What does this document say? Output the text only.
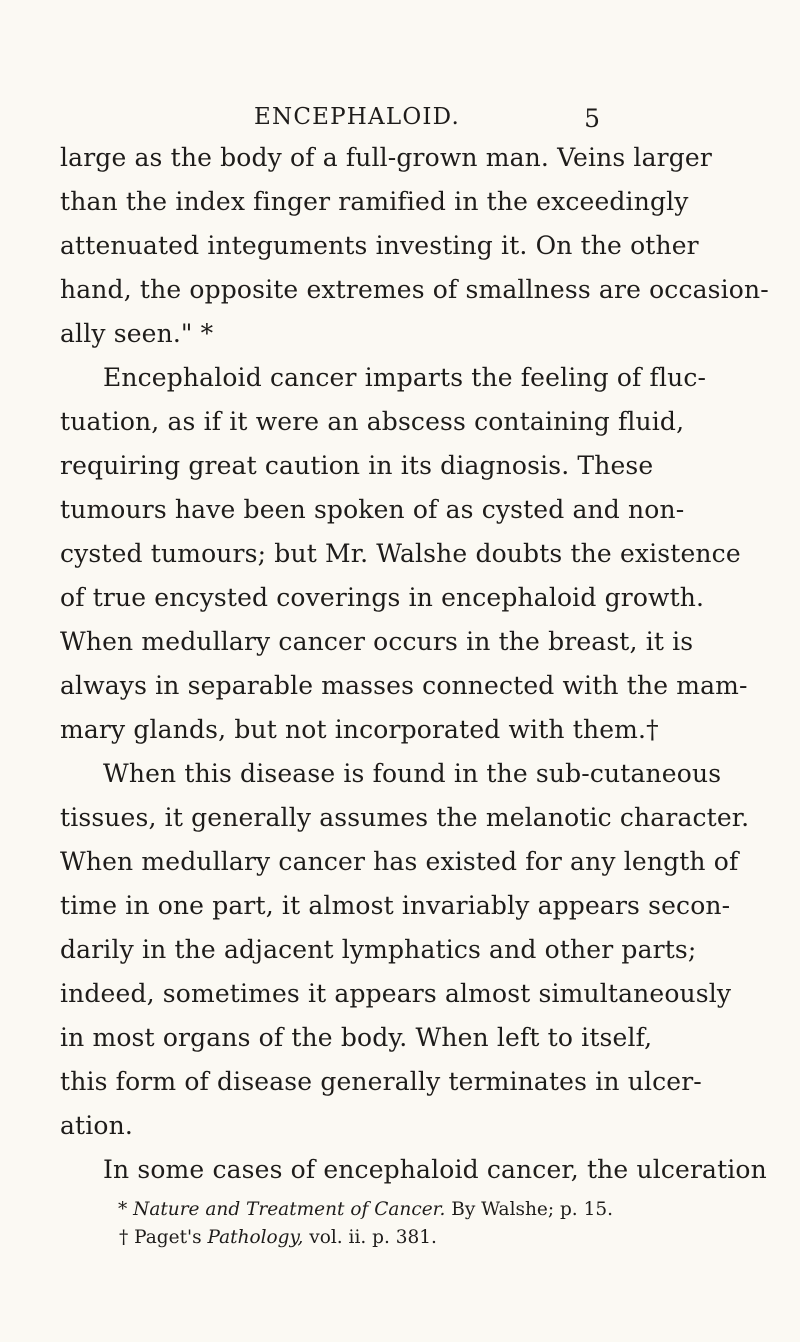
ENCEPHALOID.	5
large as the body of a full-grown man. Veins larger
than the index finger ramified in the exceedingly
attenuated integuments investing it. On the other
hand, the opposite extremes of smallness are occasion-
ally seen." *
Encephaloid cancer imparts the feeling of fluc-
tuation, as if it were an abscess containing fluid,
requiring great caution in its diagnosis. These
tumours have been spoken of as cysted and non-
cysted tumours; but Mr. Walshe doubts the existence
of true encysted coverings in encephaloid growth.
When medullary cancer occurs in the breast, it is
always in separable masses connected with the mam-
mary glands, but not incorporated with them.†
When this disease is found in the sub-cutaneous
tissues, it generally assumes the melanotic character.
When medullary cancer has existed for any length of
time in one part, it almost invariably appears secon-
darily in the adjacent lymphatics and other parts;
indeed, sometimes it appears almost simultaneously
in most organs of the body. When left to itself,
this form of disease generally terminates in ulcer-
ation.
In some cases of encephaloid cancer, the ulceration
* Nature and Treatment of Cancer. By Walshe; p. 15.
† Paget's Pathology, vol. ii. p. 381.
